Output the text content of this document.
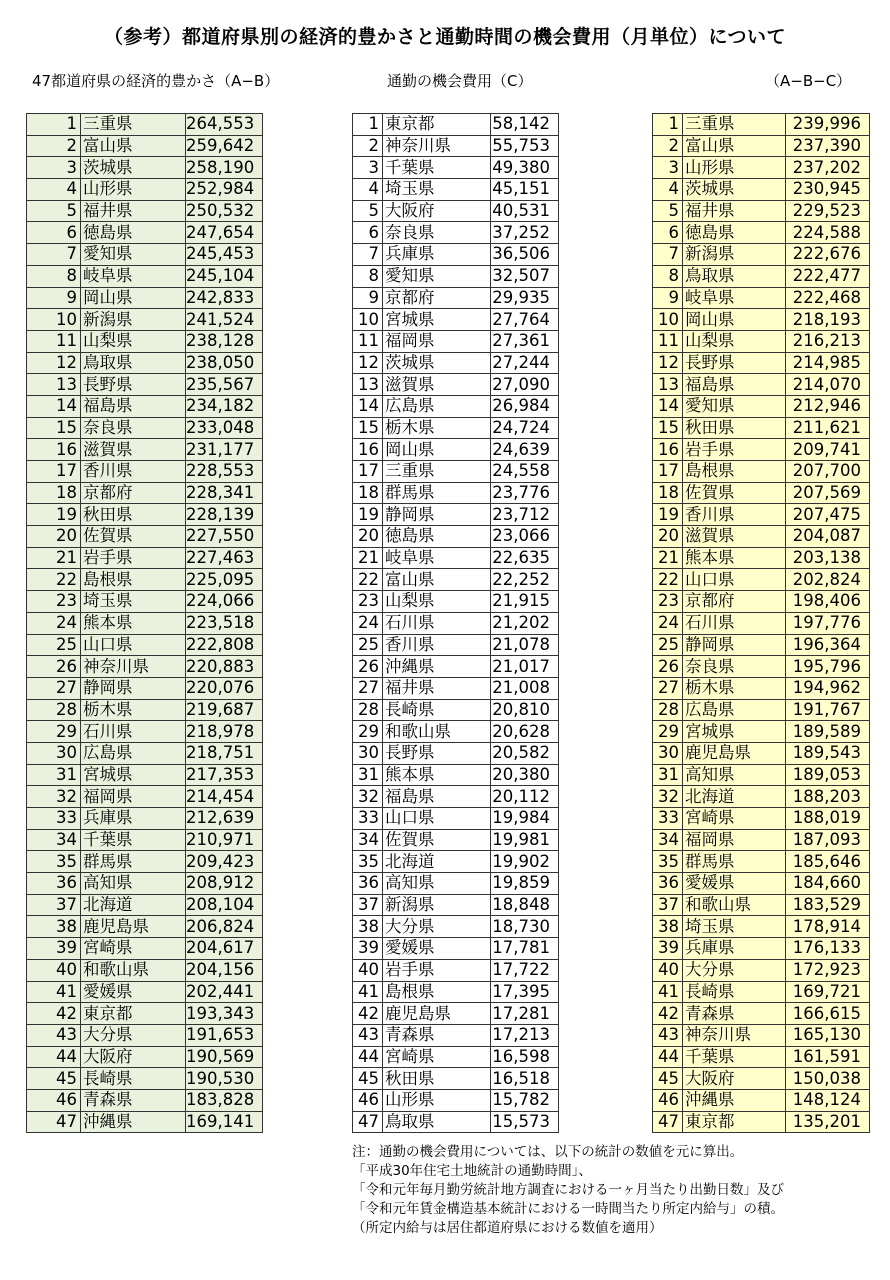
（参考）都道府県別の経済的豊かさと通勤時間の機会費用（月単位）について
47都道府県の経済的豊かさ（A−B）	通勤の機会費用（C）	（A−B−C）
1	三重県	264,553
2	富山県	259,642
3	茨城県	258,190
4	山形県	252,984
5	福井県	250,532
6	徳島県	247,654
7	愛知県	245,453
8	岐阜県	245,104
9	岡山県	242,833
10	新潟県	241,524
11	山梨県	238,128
12	鳥取県	238,050
13	長野県	235,567
14	福島県	234,182
15	奈良県	233,048
16	滋賀県	231,177
17	香川県	228,553
18	京都府	228,341
19	秋田県	228,139
20	佐賀県	227,550
21	岩手県	227,463
22	島根県	225,095
23	埼玉県	224,066
24	熊本県	223,518
25	山口県	222,808
26	神奈川県	220,883
27	静岡県	220,076
28	栃木県	219,687
29	石川県	218,978
30	広島県	218,751
31	宮城県	217,353
32	福岡県	214,454
33	兵庫県	212,639
34	千葉県	210,971
35	群馬県	209,423
36	高知県	208,912
37	北海道	208,104
38	鹿児島県	206,824
39	宮崎県	204,617
40	和歌山県	204,156
41	愛媛県	202,441
42	東京都	193,343
43	大分県	191,653
44	大阪府	190,569
45	長崎県	190,530
46	青森県	183,828
47	沖縄県	169,141
1	東京都	58,142
2	神奈川県	55,753
3	千葉県	49,380
4	埼玉県	45,151
5	大阪府	40,531
6	奈良県	37,252
7	兵庫県	36,506
8	愛知県	32,507
9	京都府	29,935
10	宮城県	27,764
11	福岡県	27,361
12	茨城県	27,244
13	滋賀県	27,090
14	広島県	26,984
15	栃木県	24,724
16	岡山県	24,639
17	三重県	24,558
18	群馬県	23,776
19	静岡県	23,712
20	徳島県	23,066
21	岐阜県	22,635
22	富山県	22,252
23	山梨県	21,915
24	石川県	21,202
25	香川県	21,078
26	沖縄県	21,017
27	福井県	21,008
28	長崎県	20,810
29	和歌山県	20,628
30	長野県	20,582
31	熊本県	20,380
32	福島県	20,112
33	山口県	19,984
34	佐賀県	19,981
35	北海道	19,902
36	高知県	19,859
37	新潟県	18,848
38	大分県	18,730
39	愛媛県	17,781
40	岩手県	17,722
41	島根県	17,395
42	鹿児島県	17,281
43	青森県	17,213
44	宮崎県	16,598
45	秋田県	16,518
46	山形県	15,782
47	鳥取県	15,573
1	三重県	239,996
2	富山県	237,390
3	山形県	237,202
4	茨城県	230,945
5	福井県	229,523
6	徳島県	224,588
7	新潟県	222,676
8	鳥取県	222,477
9	岐阜県	222,468
10	岡山県	218,193
11	山梨県	216,213
12	長野県	214,985
13	福島県	214,070
14	愛知県	212,946
15	秋田県	211,621
16	岩手県	209,741
17	島根県	207,700
18	佐賀県	207,569
19	香川県	207,475
20	滋賀県	204,087
21	熊本県	203,138
22	山口県	202,824
23	京都府	198,406
24	石川県	197,776
25	静岡県	196,364
26	奈良県	195,796
27	栃木県	194,962
28	広島県	191,767
29	宮城県	189,589
30	鹿児島県	189,543
31	高知県	189,053
32	北海道	188,203
33	宮崎県	188,019
34	福岡県	187,093
35	群馬県	185,646
36	愛媛県	184,660
37	和歌山県	183,529
38	埼玉県	178,914
39	兵庫県	176,133
40	大分県	172,923
41	長崎県	169,721
42	青森県	166,615
43	神奈川県	165,130
44	千葉県	161,591
45	大阪府	150,038
46	沖縄県	148,124
47	東京都	135,201
注：通勤の機会費用については、以下の統計の数値を元に算出。
「平成30年住宅土地統計の通勤時間」、
「令和元年毎月勤労統計地方調査における一ヶ月当たり出勤日数」及び
「令和元年賃金構造基本統計における一時間当たり所定内給与」の積。
（所定内給与は居住都道府県における数値を適用）
